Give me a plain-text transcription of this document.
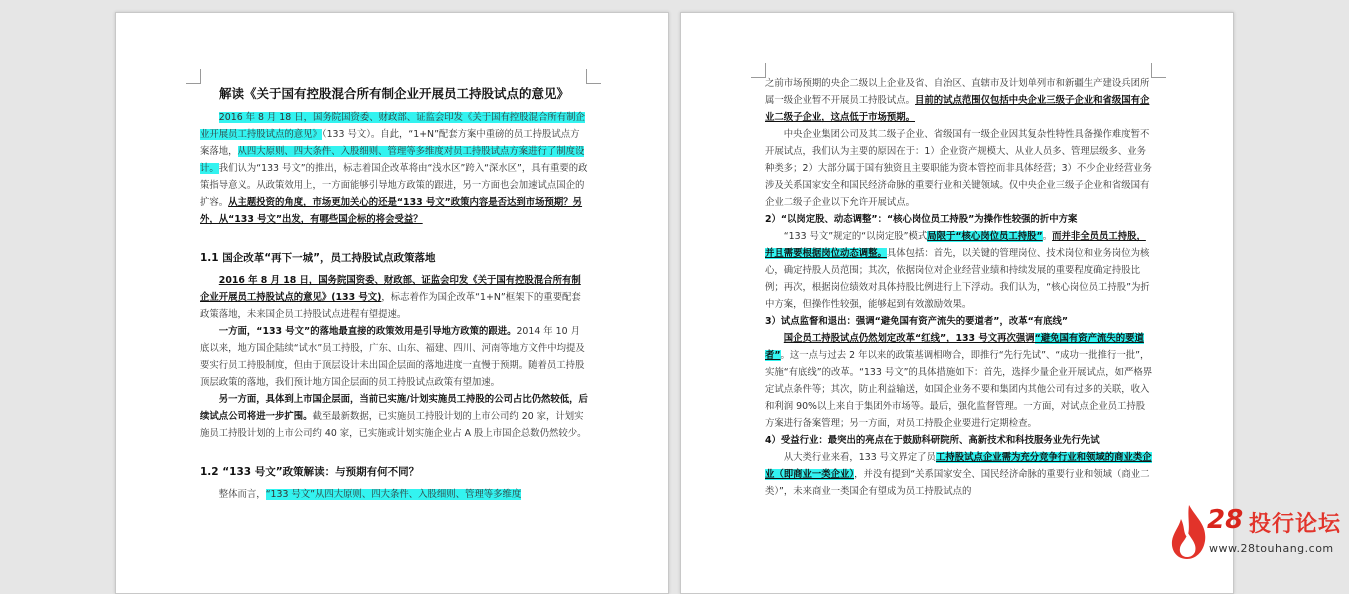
解读《关于国有控股混合所有制企业开展员工持股试点的意见》

2016 年 8 月 18 日，国务院国资委、财政部、证监会印发《关于国有控股混合所有制企业开展员工持股试点的意见》（133 号文）。自此，“1+N”配套方案中重磅的员工持股试点方案落地，从四大原则、四大条件、入股细则、管理等多维度对员工持股试点方案进行了制度设计。我们认为“133 号文”的推出，标志着国企改革将由“浅水区”跨入“深水区”，具有重要的政策指导意义。从政策效用上，一方面能够引导地方政策的跟进，另一方面也会加速试点国企的扩容。从主题投资的角度，市场更加关心的还是“133 号文”政策内容是否达到市场预期？另外，从“133 号文”出发，有哪些国企标的将会受益？

1.1 国企改革“再下一城”，员工持股试点政策落地

2016 年 8 月 18 日，国务院国资委、财政部、证监会印发《关于国有控股混合所有制企业开展员工持股试点的意见》(133 号文)，标志着作为国企改革“1+N”框架下的重要配套政策落地，未来国企员工持股试点进程有望提速。

一方面，“133 号文”的落地最直接的政策效用是引导地方政策的跟进。2014 年 10 月底以来，地方国企陆续“试水”员工持股，广东、山东、福建、四川、河南等地方文件中均提及要实行员工持股制度，但由于顶层设计未出国企层面的落地进度一直慢于预期。随着员工持股顶层政策的落地，我们预计地方国企层面的员工持股试点政策有望加速。

另一方面，具体到上市国企层面，当前已实施/计划实施员工持股的公司占比仍然较低，后续试点公司将进一步扩围。截至最新数据，已实施员工持股计划的上市公司约 20 家，计划实施员工持股计划的上市公司约 40 家，已实施或计划实施企业占 A 股上市国企总数仍然较少。

1.2 “133 号文”政策解读：与预期有何不同？

整体而言，“133 号文”从四大原则、四大条件、入股细则、管理等多维度

之前市场预期的央企二级以上企业及省、自治区、直辖市及计划单列市和新疆生产建设兵团所属一级企业暂不开展员工持股试点。目前的试点范围仅包括中央企业三级子企业和省级国有企业二级子企业，这点低于市场预期。

中央企业集团公司及其二级子企业、省级国有一级企业因其复杂性特性具备操作难度暂不开展试点，我们认为主要的原因在于：1）企业资产规模大、从业人员多、管理层级多、业务种类多；2）大部分属于国有独资且主要职能为资本管控而非具体经营；3）不少企业经营业务涉及关系国家安全和国民经济命脉的重要行业和关键领域。仅中央企业三级子企业和省级国有企业二级子企业以下允许开展试点。

2）“以岗定股、动态调整”：“核心岗位员工持股”为操作性较强的折中方案

“133 号文”规定的“以岗定股”模式局限于“核心岗位员工持股”。而并非全员员工持股，并且需要根据岗位动态调整。具体包括：首先，以关键的管理岗位、技术岗位和业务岗位为核心，确定持股人员范围；其次，依据岗位对企业经营业绩和持续发展的重要程度确定持股比例；再次，根据岗位绩效对具体持股比例进行上下浮动。我们认为，“核心岗位员工持股”为折中方案，但操作性较强，能够起到有效激励效果。

3）试点监督和退出：强调“避免国有资产流失的要道者”，改革“有底线”

国企员工持股试点仍然划定改革“红线”，133 号文再次强调“避免国有资产流失的要道者”。这一点与过去 2 年以来的政策基调相吻合，即推行“先行先试”、“成功一批推行一批”，实施“有底线”的改革。“133 号文”的具体措施如下：首先，选择少量企业开展试点，如严格界定试点条件等；其次，防止利益输送，如国企业务不要和集团内其他公司有过多的关联，收入和利润 90%以上来自于集团外市场等。最后，强化监督管理。一方面，对试点企业员工持股方案进行备案管理；另一方面，对员工持股企业要进行定期检查。

4）受益行业：最突出的亮点在于鼓励科研院所、高新技术和科技服务业先行先试

从大类行业来看，133 号文界定了员工持股试点企业需为充分竞争行业和领域的商业类企业（即商业一类企业），并没有提到“关系国家安全、国民经济命脉的重要行业和领域（商业二类）”，未来商业一类国企有望成为员工持股试点的

28 投行论坛
www.28touhang.com
